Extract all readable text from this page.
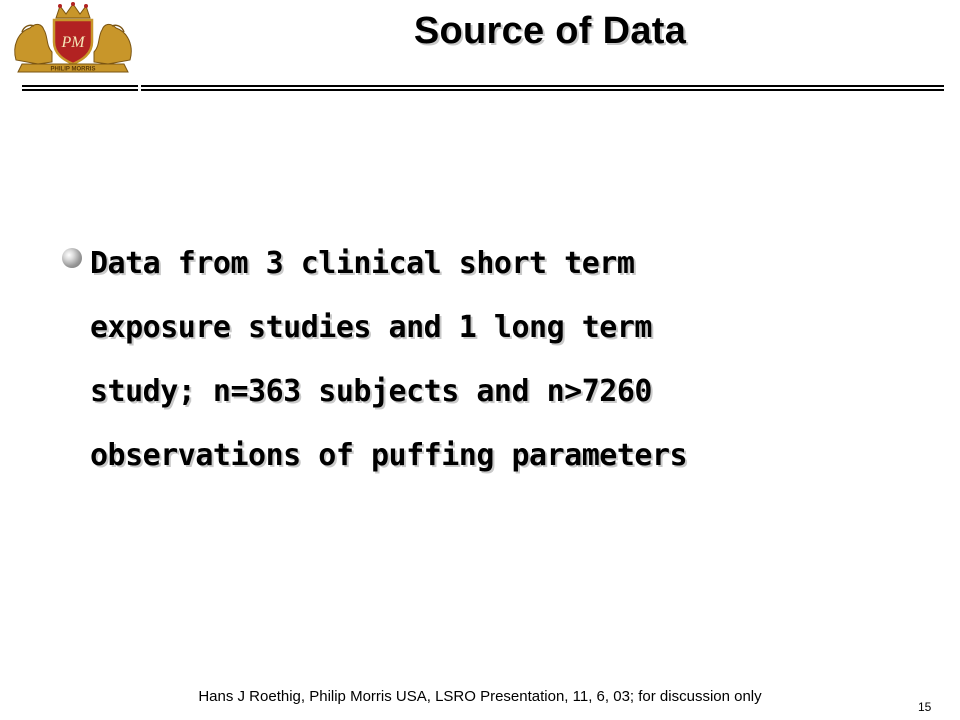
PM
PHILIP MORRIS
Source of Data
Data from 3 clinical short term
exposure studies and 1 long term
study; n=363 subjects and n>7260
observations of puffing parameters
Hans J Roethig, Philip Morris USA, LSRO Presentation, 11, 6, 03; for discussion only
15
